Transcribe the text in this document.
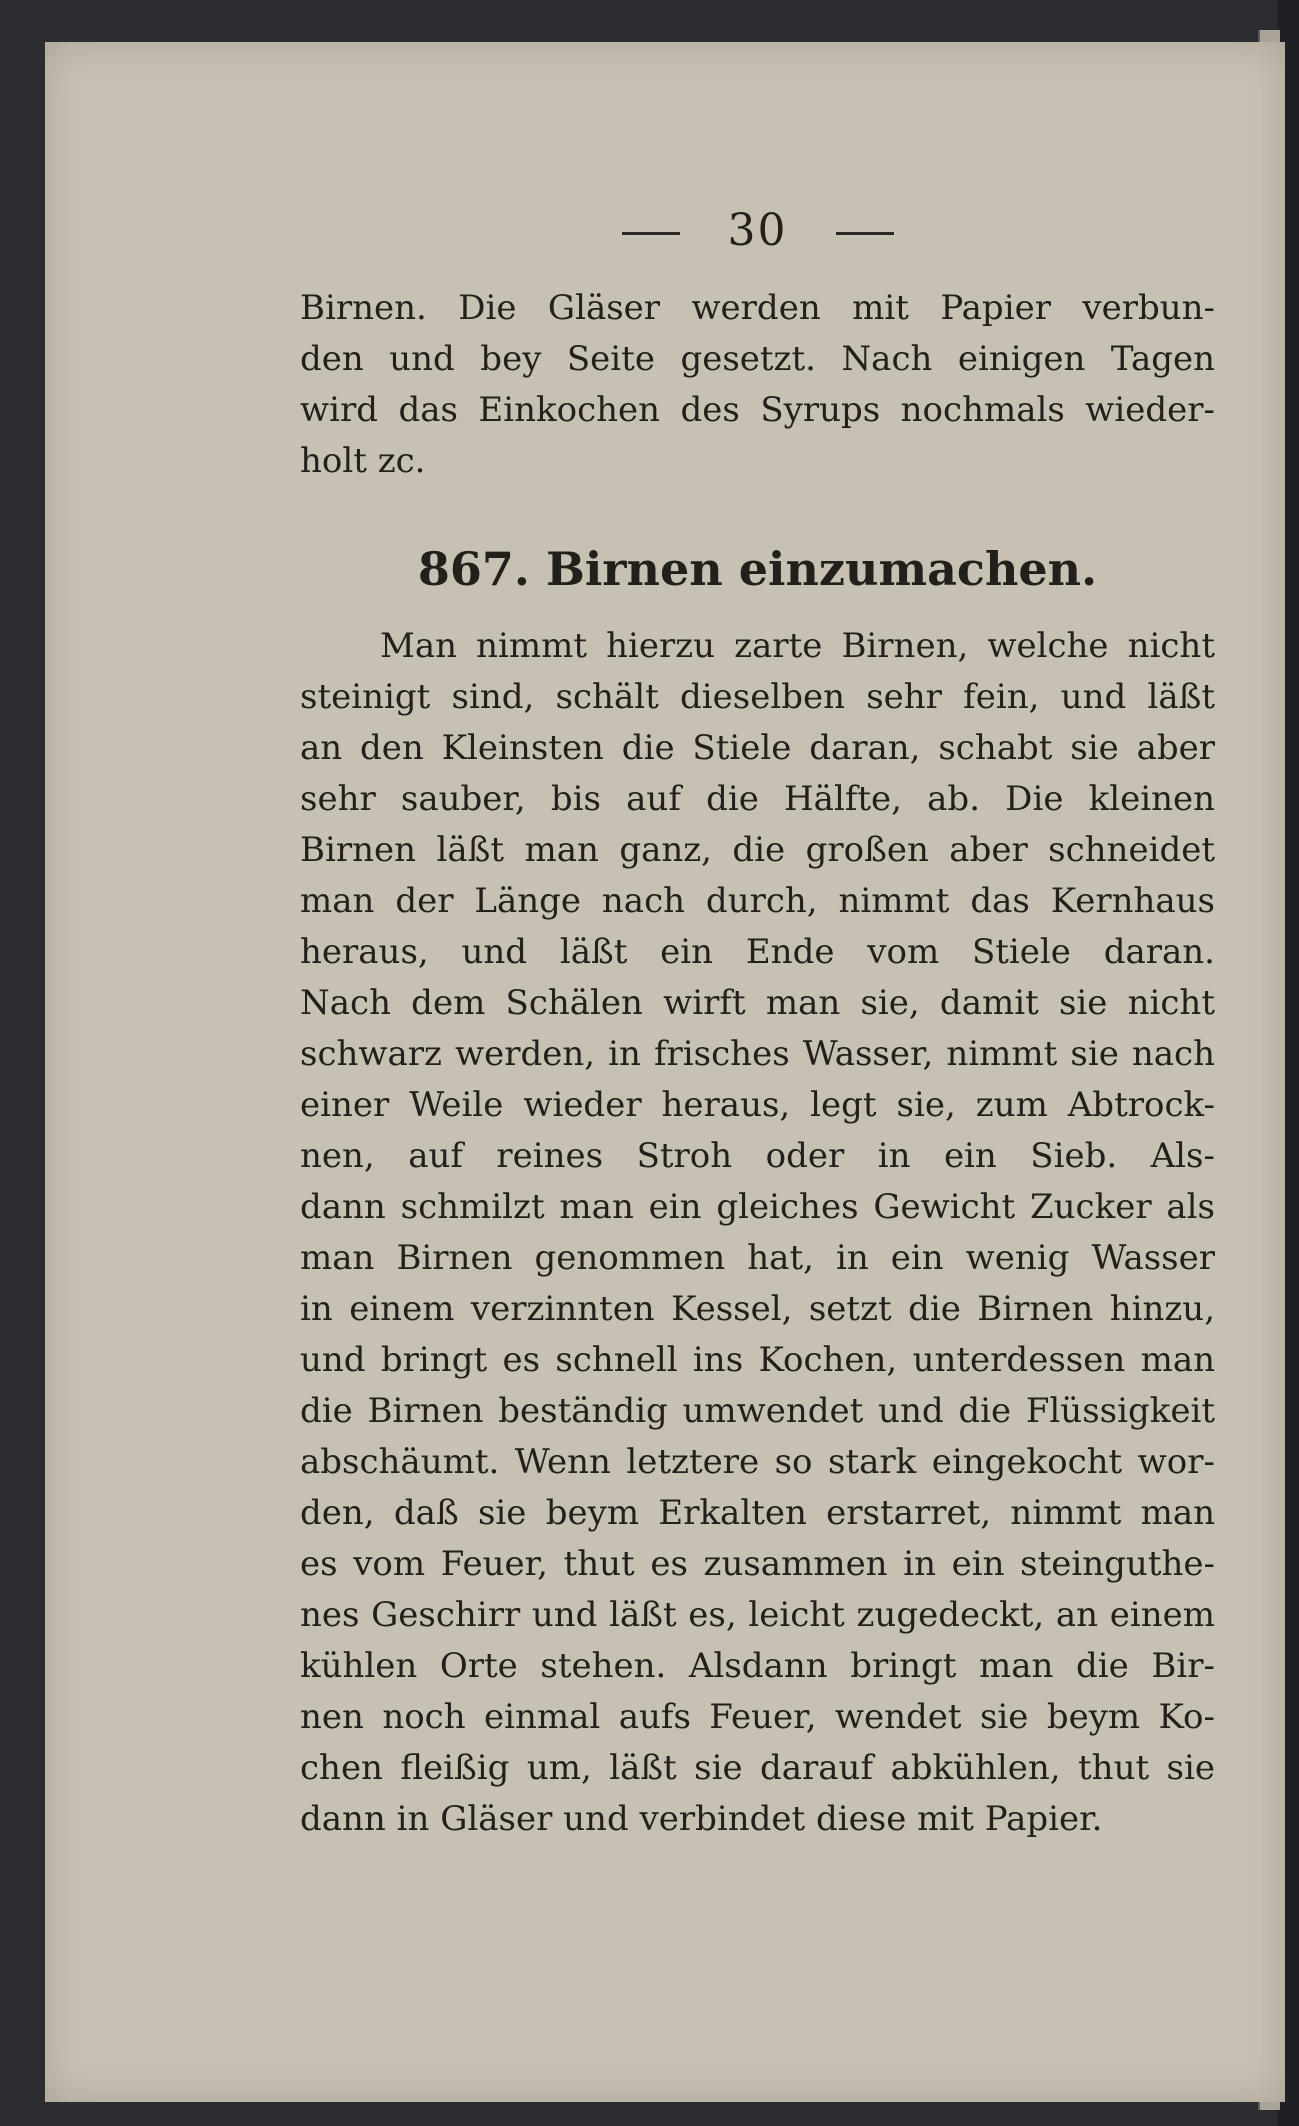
30
Birnen. Die Gläser werden mit Papier verbun-
den und bey Seite gesetzt. Nach einigen Tagen
wird das Einkochen des Syrups nochmals wieder-
holt zc.
867. Birnen einzumachen.
Man nimmt hierzu zarte Birnen, welche nicht
steinigt sind, schält dieselben sehr fein, und läßt
an den Kleinsten die Stiele daran, schabt sie aber
sehr sauber, bis auf die Hälfte, ab. Die kleinen
Birnen läßt man ganz, die großen aber schneidet
man der Länge nach durch, nimmt das Kernhaus
heraus, und läßt ein Ende vom Stiele daran.
Nach dem Schälen wirft man sie, damit sie nicht
schwarz werden, in frisches Wasser, nimmt sie nach
einer Weile wieder heraus, legt sie, zum Abtrock-
nen, auf reines Stroh oder in ein Sieb. Als-
dann schmilzt man ein gleiches Gewicht Zucker als
man Birnen genommen hat, in ein wenig Wasser
in einem verzinnten Kessel, setzt die Birnen hinzu,
und bringt es schnell ins Kochen, unterdessen man
die Birnen beständig umwendet und die Flüssigkeit
abschäumt. Wenn letztere so stark eingekocht wor-
den, daß sie beym Erkalten erstarret, nimmt man
es vom Feuer, thut es zusammen in ein steinguthe-
nes Geschirr und läßt es, leicht zugedeckt, an einem
kühlen Orte stehen. Alsdann bringt man die Bir-
nen noch einmal aufs Feuer, wendet sie beym Ko-
chen fleißig um, läßt sie darauf abkühlen, thut sie
dann in Gläser und verbindet diese mit Papier.
